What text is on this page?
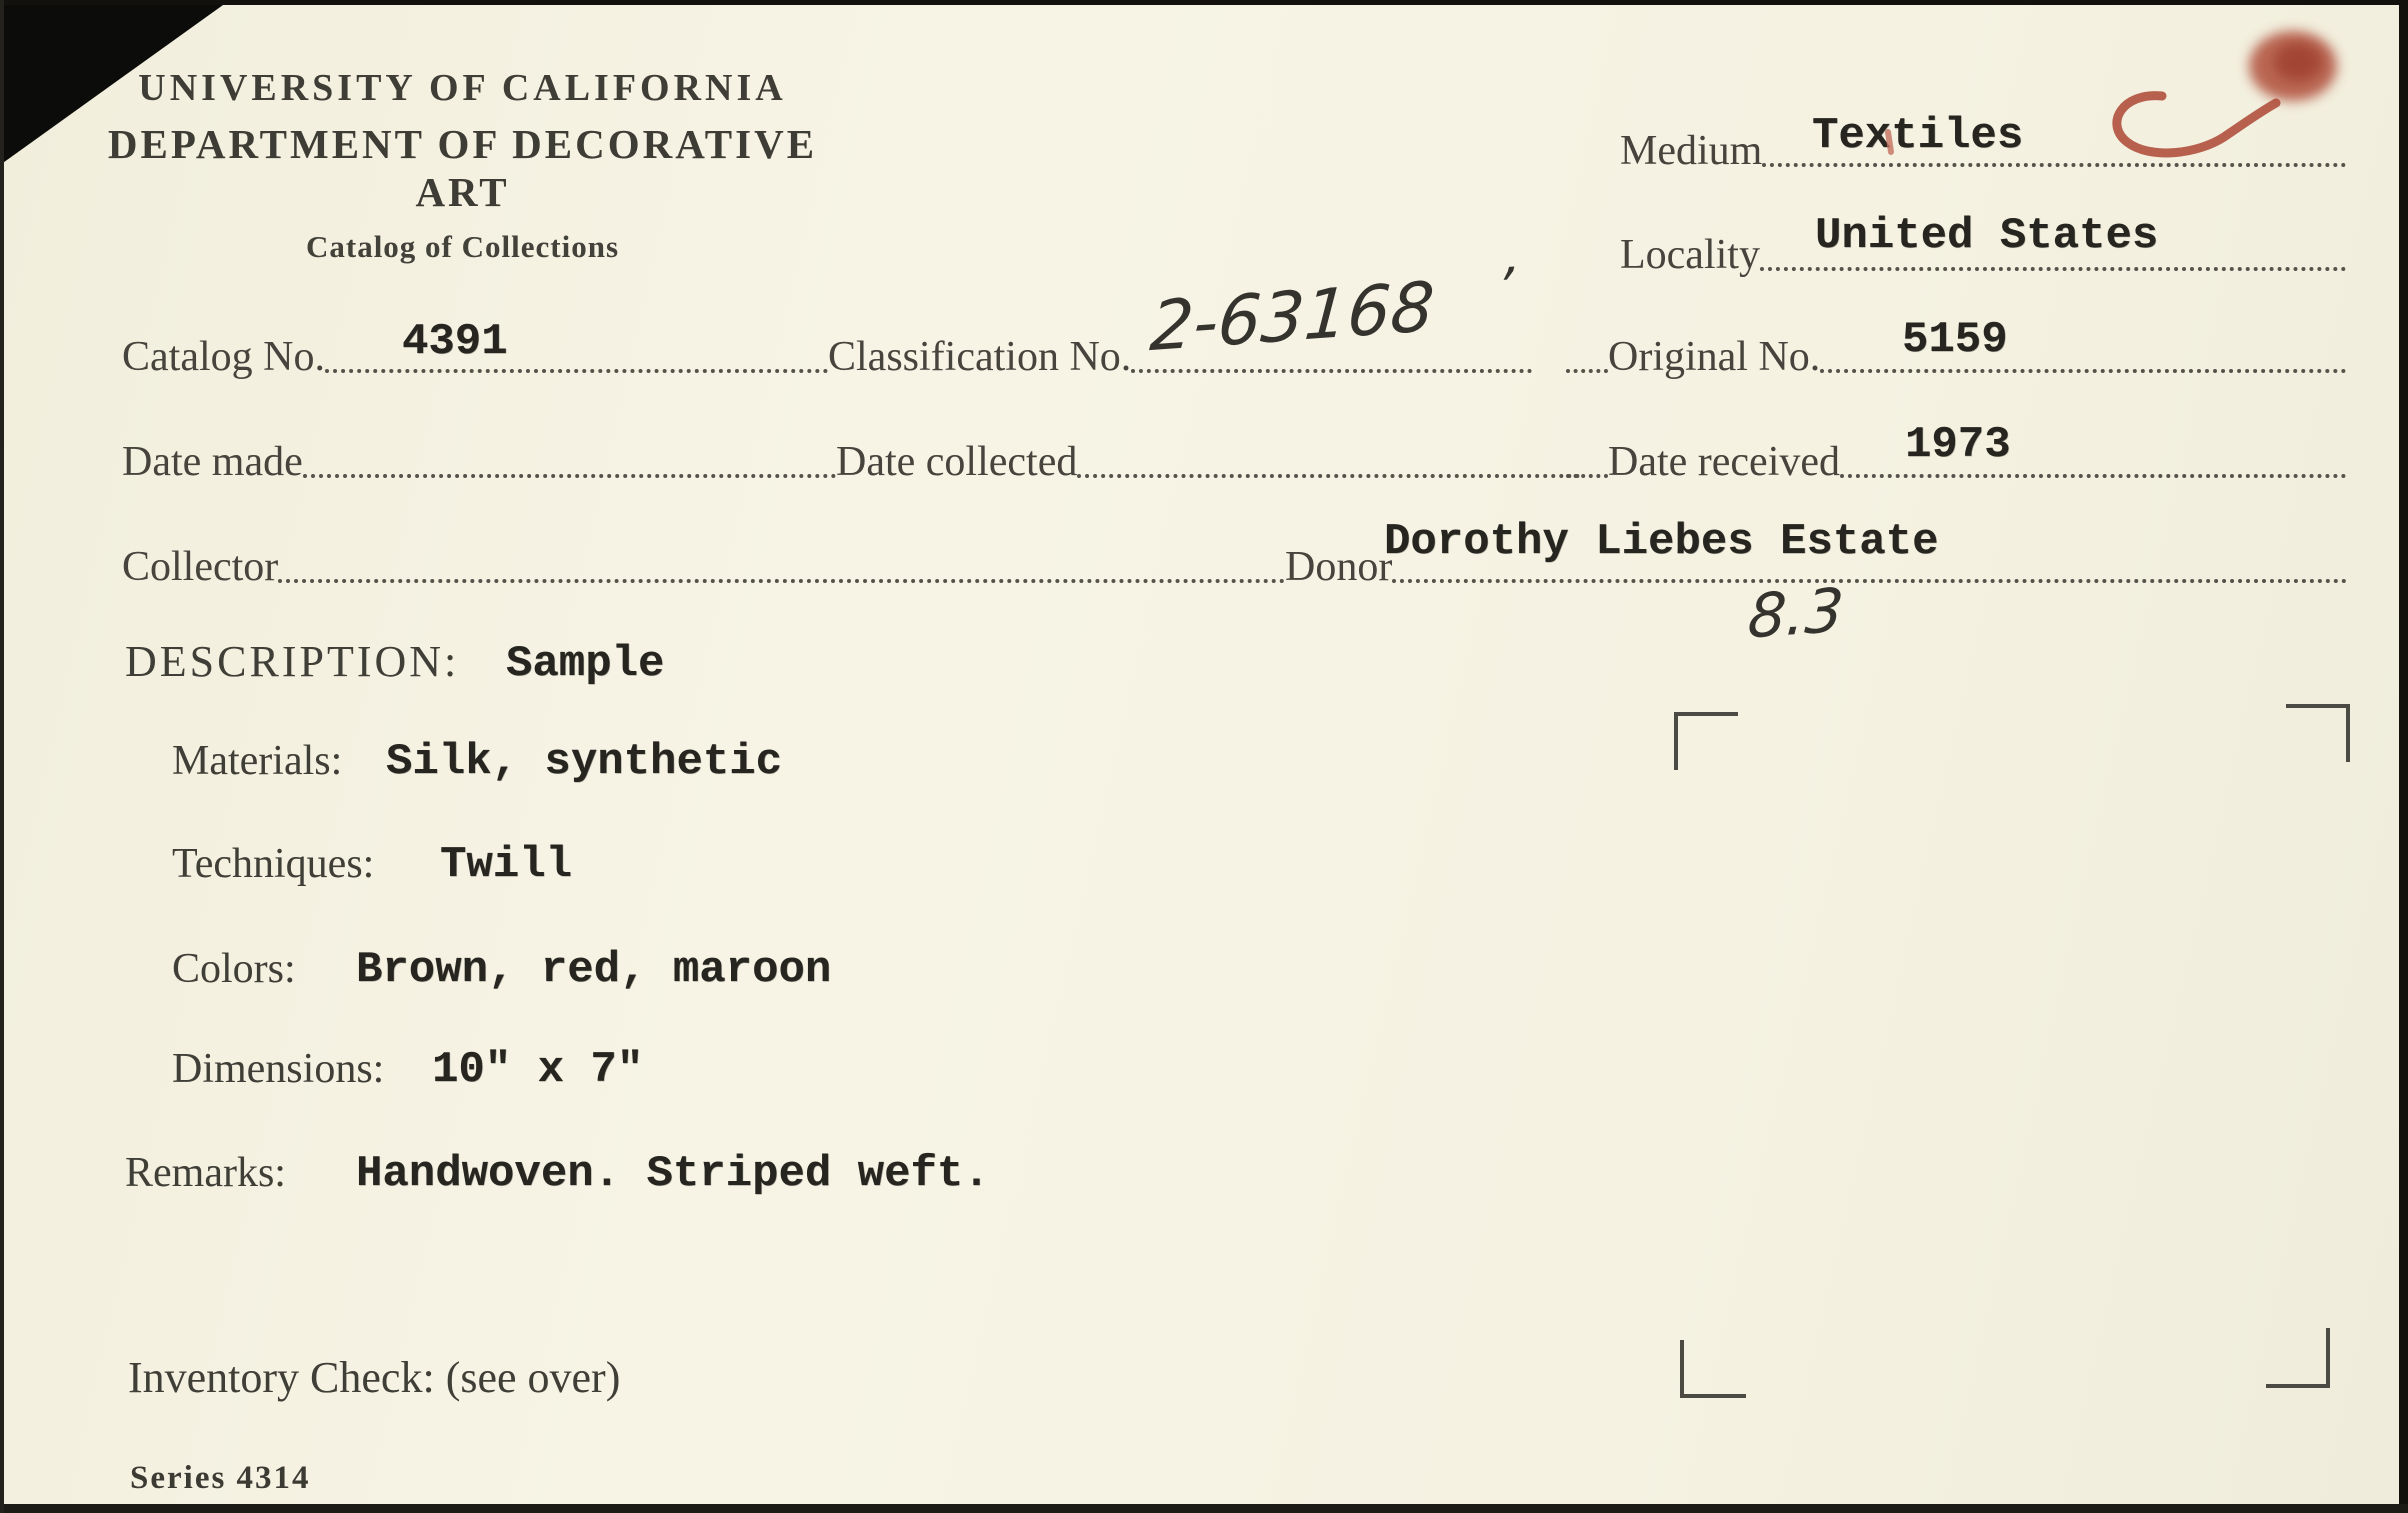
UNIVERSITY OF CALIFORNIA
DEPARTMENT OF DECORATIVE ART
Catalog of Collections
Medium Textiles
Locality United States
,
Catalog No. 4391	Classification No. 2-63168	Original No. 5159
Date made	Date collected	Date received 1973
Collector	Donor
Dorothy Liebes Estate
8.3
DESCRIPTION: Sample
Materials: Silk, synthetic
Techniques: Twill
Colors: Brown, red, maroon
Dimensions: 10" x 7"
Remarks: Handwoven. Striped weft.
Inventory Check: (see over)
Series 4314
